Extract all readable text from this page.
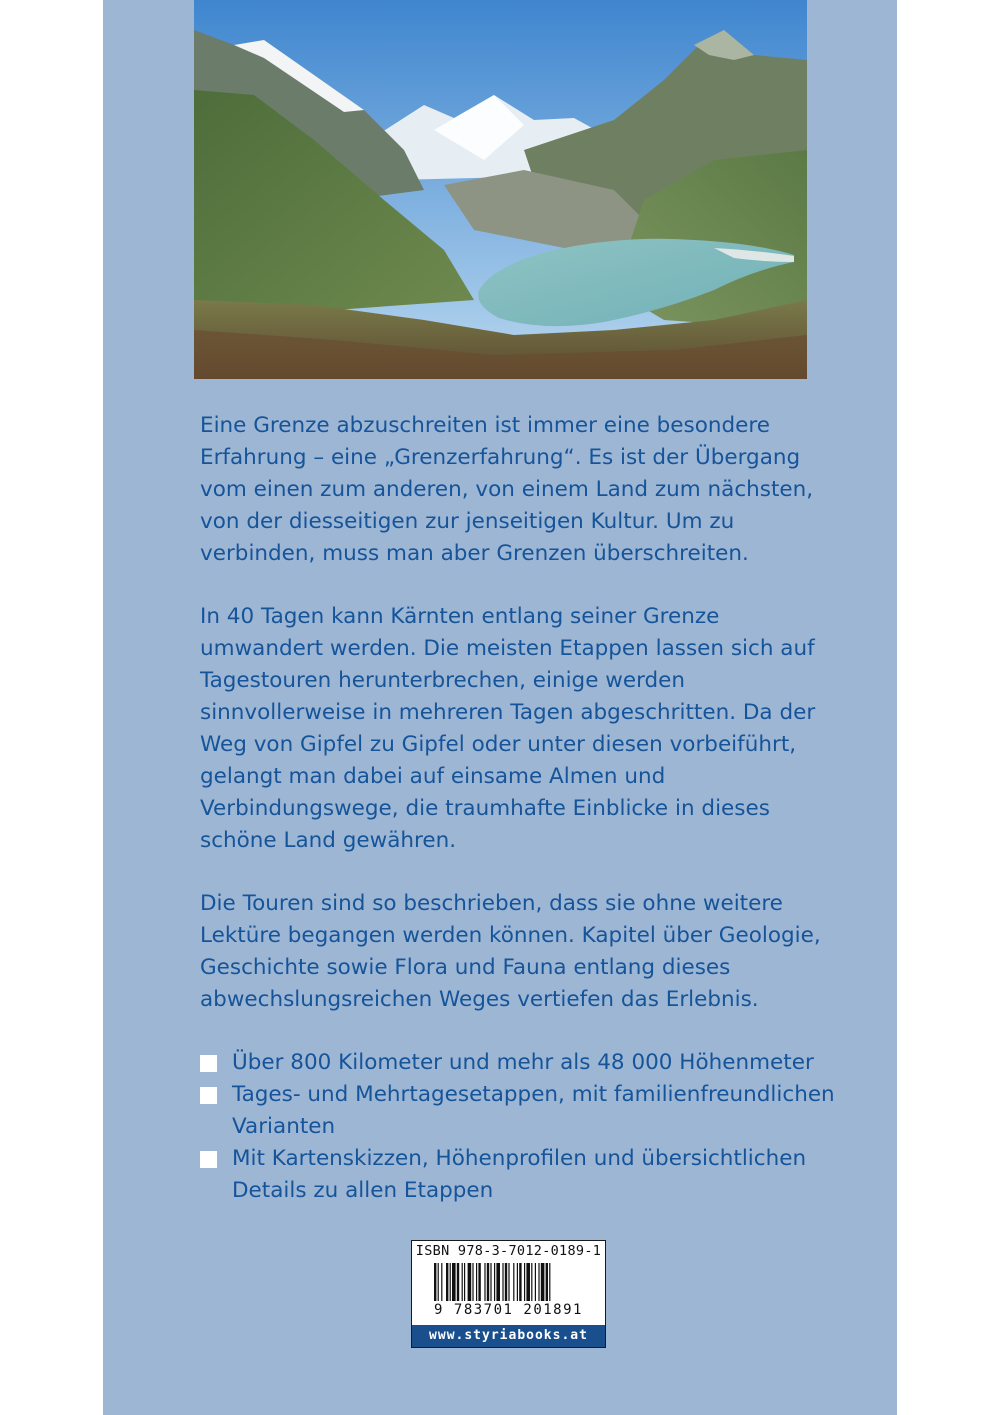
Eine Grenze abzuschreiten ist immer eine besondere Erfahrung – eine „Grenzerfahrung“. Es ist der Übergang vom einen zum anderen, von einem Land zum nächsten, von der diesseitigen zur jenseitigen Kultur. Um zu verbinden, muss man aber Grenzen überschreiten.

In 40 Tagen kann Kärnten entlang seiner Grenze umwandert werden. Die meisten Etappen lassen sich auf Tagestouren herunterbrechen, einige werden sinnvollerweise in mehreren Tagen abgeschritten. Da der Weg von Gipfel zu Gipfel oder unter diesen vorbeiführt, gelangt man dabei auf einsame Almen und Verbindungswege, die traumhafte Einblicke in dieses schöne Land gewähren.

Die Touren sind so beschrieben, dass sie ohne weitere Lektüre begangen werden können. Kapitel über Geologie, Geschichte sowie Flora und Fauna entlang dieses abwechslungsreichen Weges vertiefen das Erlebnis.

Über 800 Kilometer und mehr als 48 000 Höhenmeter
Tages- und Mehrtagesetappen, mit familienfreundlichen Varianten
Mit Kartenskizzen, Höhenprofilen und übersichtlichen Details zu allen Etappen
ISBN 978-3-7012-0189-1
9 783701 201891
www.styriabooks.at
